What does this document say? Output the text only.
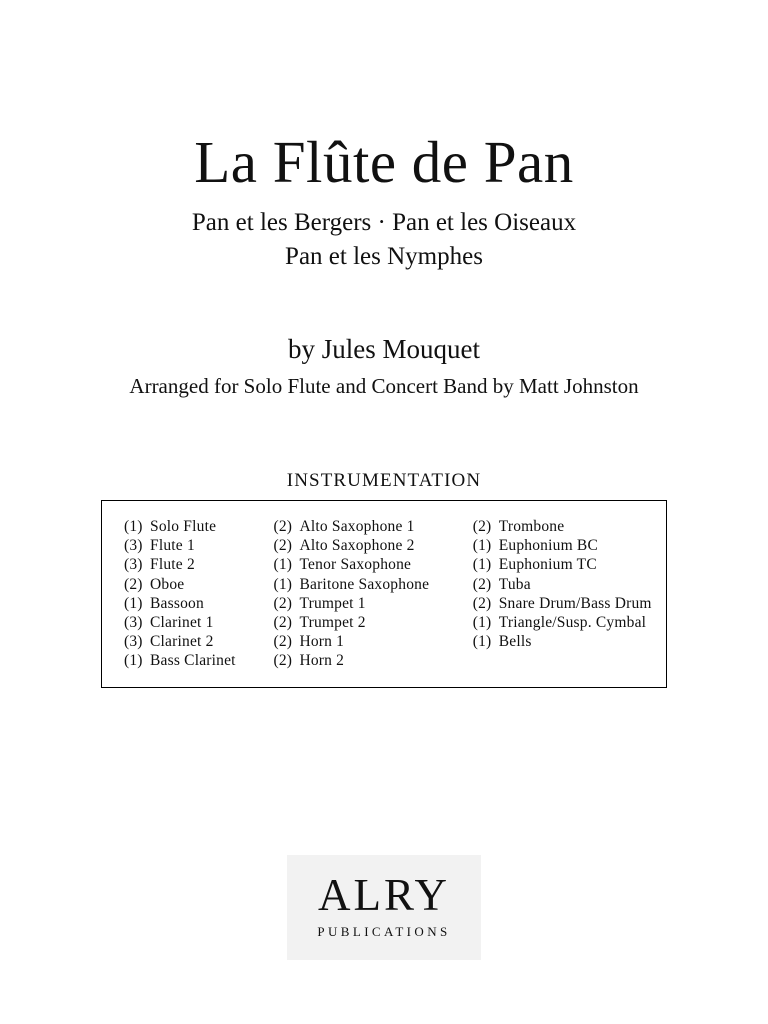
La Flûte de Pan

Pan et les Bergers · Pan et les Oiseaux

Pan et les Nymphes

by Jules Mouquet

Arranged for Solo Flute and Concert Band by Matt Johnston

INSTRUMENTATION
(1) Solo Flute
(3) Flute 1
(3) Flute 2
(2) Oboe
(1) Bassoon
(3) Clarinet 1
(3) Clarinet 2
(1) Bass Clarinet
(2) Alto Saxophone 1
(2) Alto Saxophone 2
(1) Tenor Saxophone
(1) Baritone Saxophone
(2) Trumpet 1
(2) Trumpet 2
(2) Horn 1
(2) Horn 2
(2) Trombone
(1) Euphonium BC
(1) Euphonium TC
(2) Tuba
(2) Snare Drum/Bass Drum
(1) Triangle/Susp. Cymbal
(1) Bells

ALRY

PUBLICATIONS
